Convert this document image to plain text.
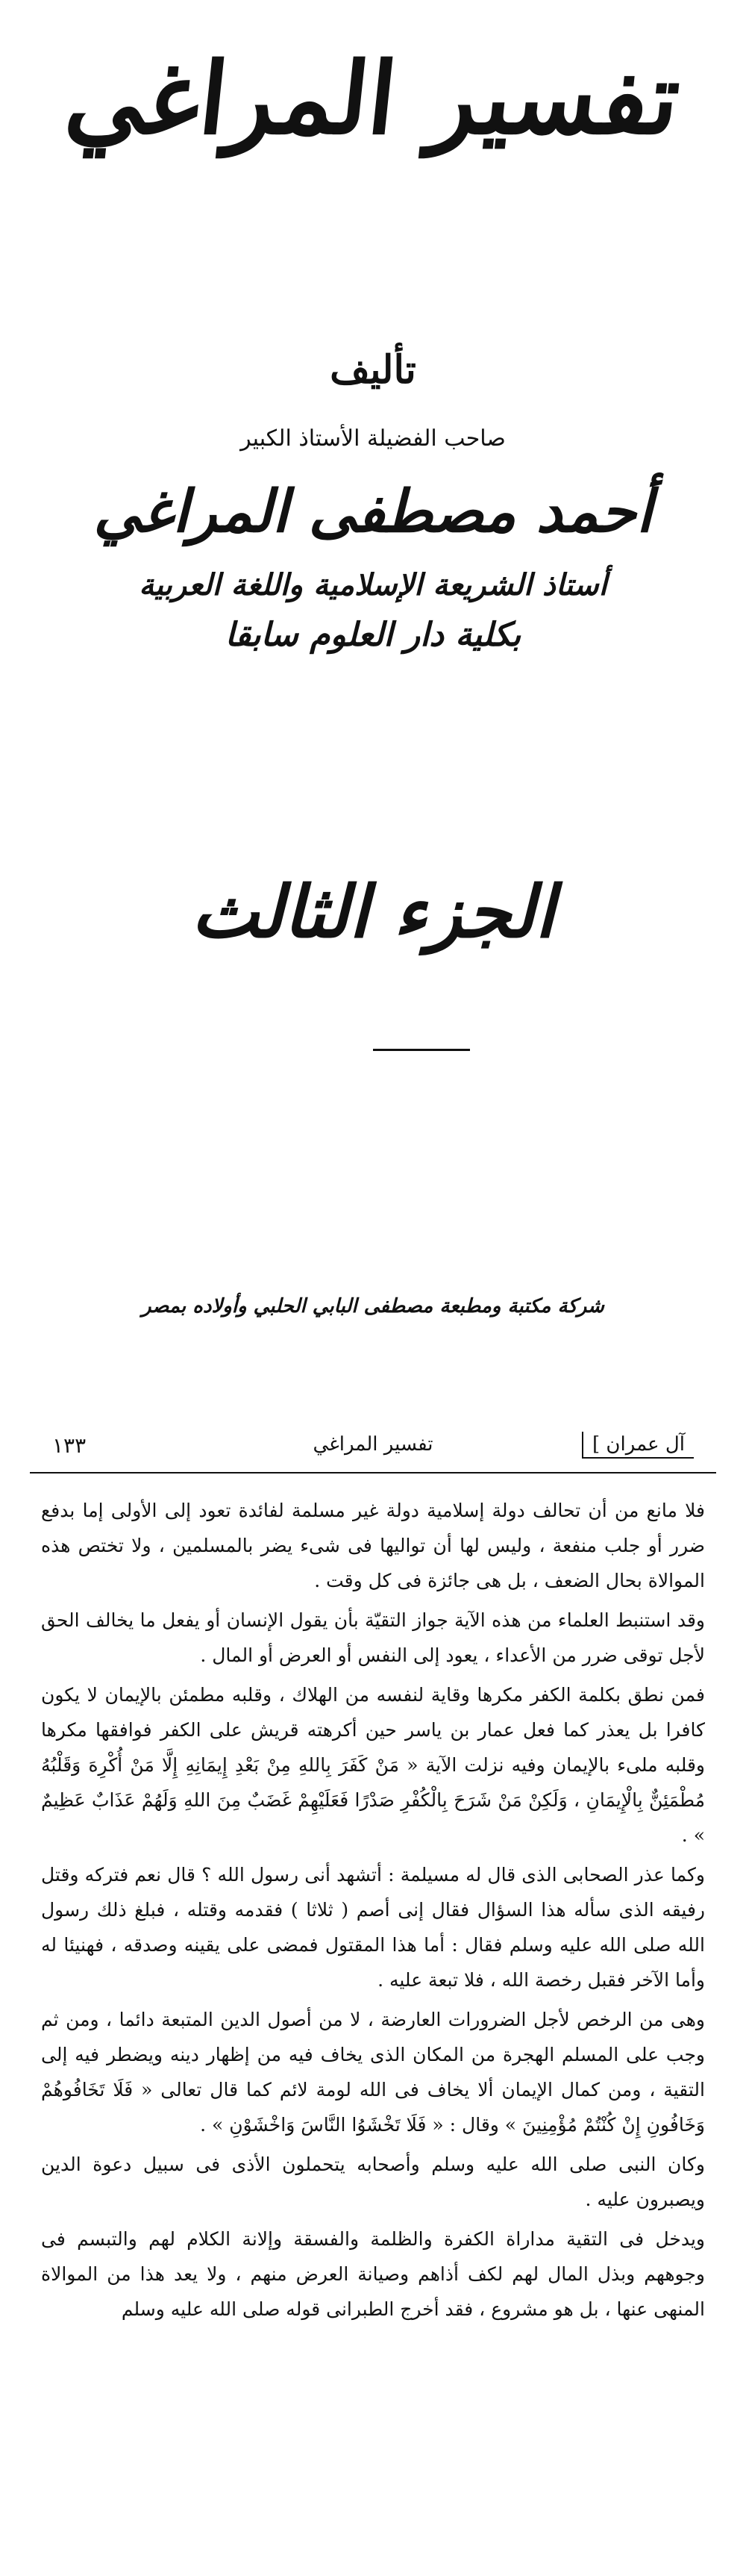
تفسير المراغي
تأليف
صاحب الفضيلة الأستاذ الكبير
أحمد مصطفى المراغي
أستاذ الشريعة الإسلامية واللغة العربية
بكلية دار العلوم سابقا
الجزء الثالث
شركة مكتبة ومطبعة مصطفى البابي الحلبي وأولاده بمصر
آل عمران ]
تفسير المراغي
١٣٣

فلا مانع من أن تحالف دولة إسلامية دولة غير مسلمة لفائدة تعود إلى الأولى إما بدفع ضرر أو جلب منفعة ، وليس لها أن تواليها فى شىء يضر بالمسلمين ، ولا تختص هذه الموالاة بحال الضعف ، بل هى جائزة فى كل وقت .

وقد استنبط العلماء من هذه الآية جواز التقيّة بأن يقول الإنسان أو يفعل ما يخالف الحق لأجل توقى ضرر من الأعداء ، يعود إلى النفس أو العرض أو المال .

فمن نطق بكلمة الكفر مكرها وقاية لنفسه من الهلاك ، وقلبه مطمئن بالإيمان لا يكون كافرا بل يعذر كما فعل عمار بن ياسر حين أكرهته قريش على الكفر فوافقها مكرها وقلبه ملىء بالإيمان وفيه نزلت الآية « مَنْ كَفَرَ بِاللهِ مِنْ بَعْدِ إِيمَانِهِ إِلَّا مَنْ أُكْرِهَ وَقَلْبُهُ مُطْمَئِنٌّ بِالْإِيمَانِ ، وَلَكِنْ مَنْ شَرَحَ بِالْكُفْرِ صَدْرًا فَعَلَيْهِمْ غَضَبٌ مِنَ اللهِ وَلَهُمْ عَذَابٌ عَظِيمٌ » .

وكما عذر الصحابى الذى قال له مسيلمة : أتشهد أنى رسول الله ؟ قال نعم فتركه وقتل رفيقه الذى سأله هذا السؤال فقال إنى أصم ( ثلاثا ) فقدمه وقتله ، فبلغ ذلك رسول الله صلى الله عليه وسلم فقال : أما هذا المقتول فمضى على يقينه وصدقه ، فهنيئا له وأما الآخر فقبل رخصة الله ، فلا تبعة عليه .

وهى من الرخص لأجل الضرورات العارضة ، لا من أصول الدين المتبعة دائما ، ومن ثم وجب على المسلم الهجرة من المكان الذى يخاف فيه من إظهار دينه ويضطر فيه إلى التقية ، ومن كمال الإيمان ألا يخاف فى الله لومة لائم كما قال تعالى « فَلَا تَخَافُوهُمْ وَخَافُونِ إِنْ كُنْتُمْ مُؤْمِنِينَ » وقال : « فَلَا تَخْشَوُا النَّاسَ وَاخْشَوْنِ » .

وكان النبى صلى الله عليه وسلم وأصحابه يتحملون الأذى فى سبيل دعوة الدين ويصبرون عليه .

ويدخل فى التقية مداراة الكفرة والظلمة والفسقة وإلانة الكلام لهم والتبسم فى وجوههم وبذل المال لهم لكف أذاهم وصيانة العرض منهم ، ولا يعد هذا من الموالاة المنهى عنها ، بل هو مشروع ، فقد أخرج الطبرانى قوله صلى الله عليه وسلم
